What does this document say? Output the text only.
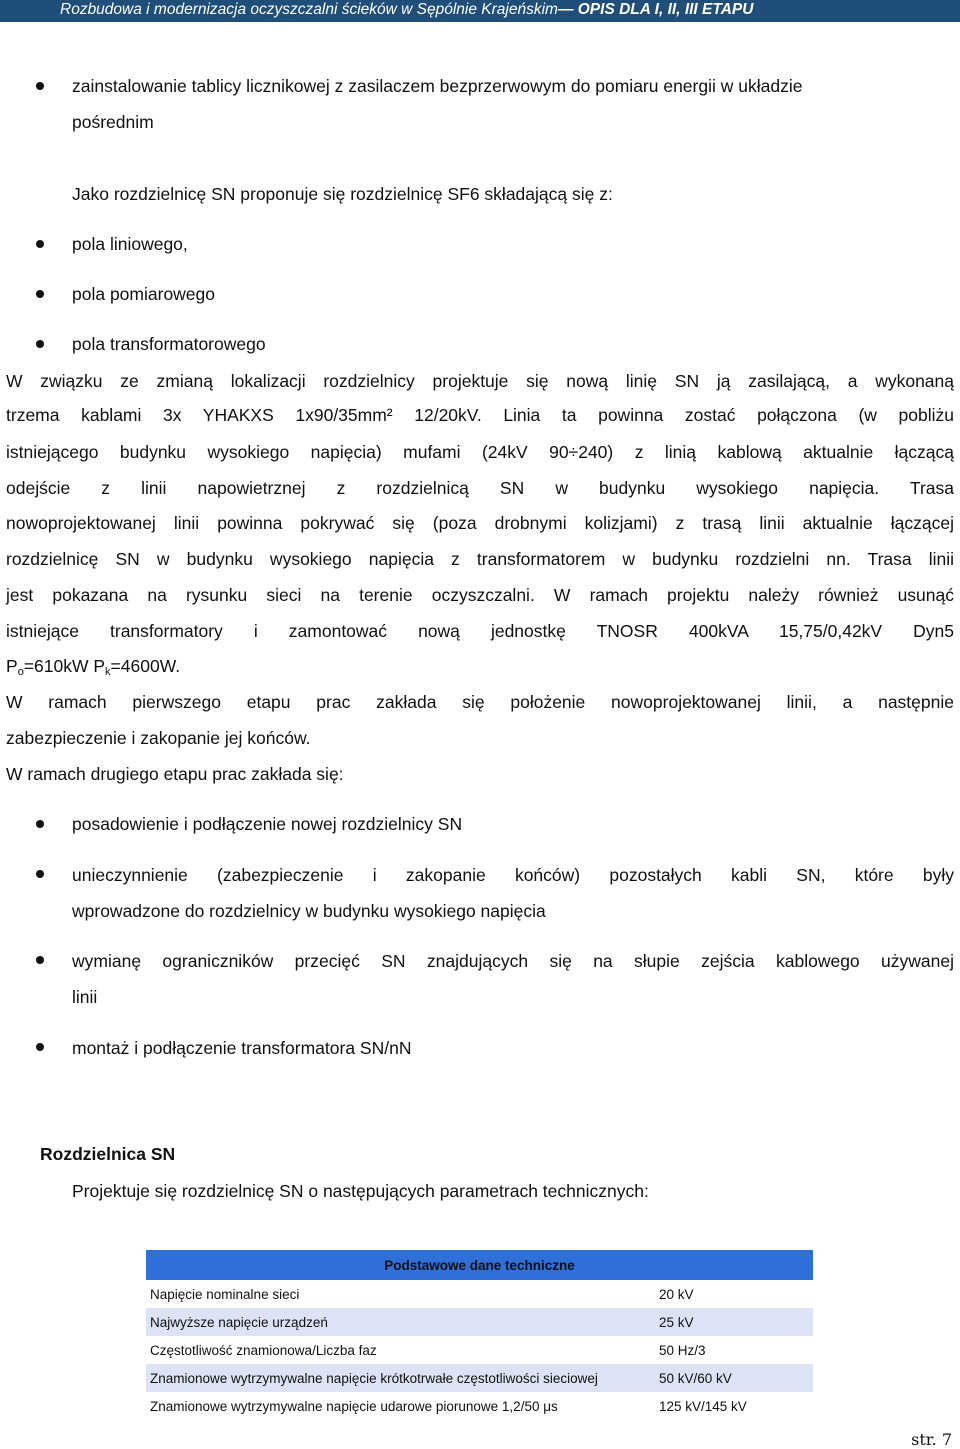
Rozbudowa i modernizacja oczyszczalni ścieków w Sępólnie Krajeńskim— OPIS DLA I, II, III ETAPU
zainstalowanie tablicy licznikowej z zasilaczem bezprzerwowym do pomiaru energii w układzie
pośrednim
Jako rozdzielnicę SN proponuje się rozdzielnicę SF6 składającą się z:
pola liniowego,
pola pomiarowego
pola transformatorowego
W związku ze zmianą lokalizacji rozdzielnicy projektuje się nową linię SN ją zasilającą, a wykonaną
trzema kablami 3x YHAKXS 1x90/35mm² 12/20kV. Linia ta powinna zostać połączona (w pobliżu
istniejącego budynku wysokiego napięcia) mufami (24kV 90÷240) z linią kablową aktualnie łączącą
odejście z linii napowietrznej z rozdzielnicą SN w budynku wysokiego napięcia. Trasa
nowoprojektowanej linii powinna pokrywać się (poza drobnymi kolizjami) z trasą linii aktualnie łączącej
rozdzielnicę SN w budynku wysokiego napięcia z transformatorem w budynku rozdzielni nn. Trasa linii
jest pokazana na rysunku sieci na terenie oczyszczalni. W ramach projektu należy również usunąć
istniejące transformatory i zamontować nową jednostkę TNOSR 400kVA 15,75/0,42kV Dyn5
$P_o=610kW$ $P_k=4600W$.
W ramach pierwszego etapu prac zakłada się położenie nowoprojektowanej linii, a następnie
zabezpieczenie i zakopanie jej końców.
W ramach drugiego etapu prac zakłada się:
posadowienie i podłączenie nowej rozdzielnicy SN
unieczynnienie (zabezpieczenie i zakopanie końców) pozostałych kabli SN, które były
wprowadzone do rozdzielnicy w budynku wysokiego napięcia
wymianę ograniczników przecięć SN znajdujących się na słupie zejścia kablowego używanej
linii
montaż i podłączenie transformatora SN/nN
Rozdzielnica SN
Projektuje się rozdzielnicę SN o następujących parametrach technicznych:
Podstawowe dane techniczne	
Napięcie nominalne sieci	20 kV
Najwyższe napięcie urządzeń	25 kV
Częstotliwość znamionowa/Liczba faz	50 Hz/3
Znamionowe wytrzymywalne napięcie krótkotrwałe częstotliwości sieciowej	50 kV/60 kV
Znamionowe wytrzymywalne napięcie udarowe piorunowe 1,2/50 μs	125 kV/145 kV
str. 7
